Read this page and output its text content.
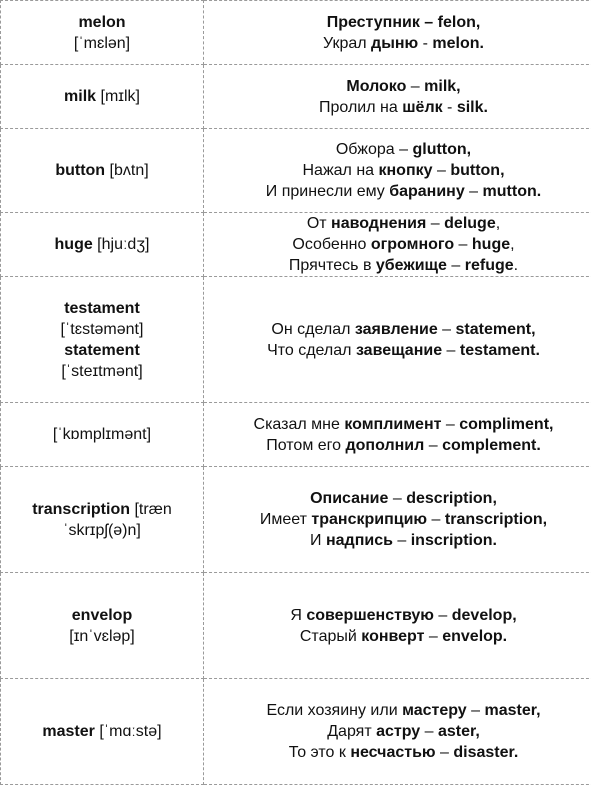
melon
[ˈmɛlən]	Преступник – felon,
Украл дыню - melon.

milk [mɪlk]	Молоко – milk,
Пролил на шёлк - silk.

button [bʌtn]	Обжора – glutton,
Нажал на кнопку – button,
И принесли ему баранину – mutton.

huge [hjuːdʒ]	От наводнения – deluge,
Особенно огромного – huge,
Прячтесь в убежище – refuge.

testament
[ˈtɛstəmənt]
statement
[ˈsteɪtmənt]	Он сделал заявление – statement,
Что сделал завещание – testament.

[ˈkɒmplɪmənt]	Сказал мне комплимент – compliment,
Потом его дополнил – complement.

transcription [træn
ˈskrɪpʃ(ə)n]	Описание – description,
Имеет транскрипцию – transcription,
И надпись – inscription.

envelop
[ɪnˈvɛləp]	Я совершенствую – develop,
Старый конверт – envelop.

master [ˈmɑːstə]	Если хозяину или мастеру – master,
Дарят астру – aster,
То это к несчастью – disaster.
